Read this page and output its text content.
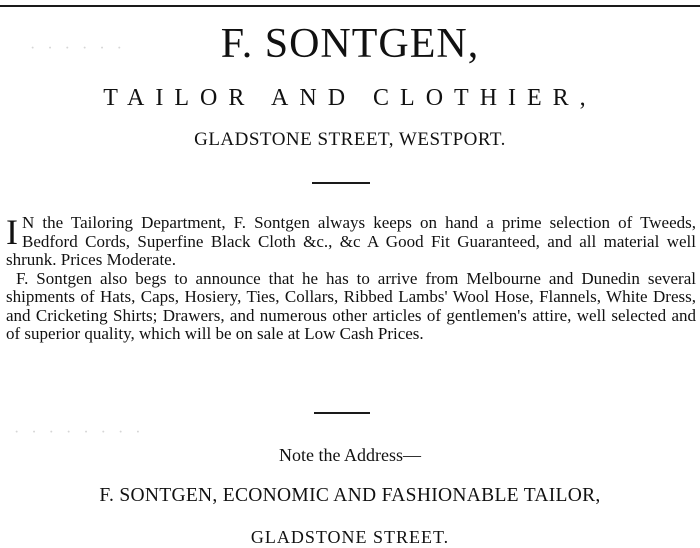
· · · · · ·
· · · · · · · ·
F. SONTGEN,
TAILOR AND CLOTHIER,
GLADSTONE STREET, WESTPORT.

I N the Tailoring Department, F. Sontgen always keeps on hand a prime selection of Tweeds, Bedford Cords, Superfine Black Cloth &c., &c A Good Fit Guaranteed, and all material well shrunk. Prices Moderate.

F. Sontgen also begs to announce that he has to arrive from Melbourne and Dunedin several shipments of Hats, Caps, Hosiery, Ties, Collars, Ribbed Lambs' Wool Hose, Flannels, White Dress, and Cricketing Shirts; Drawers, and numerous other articles of gentlemen's attire, well selected and of superior quality, which will be on sale at Low Cash Prices.

Note the Address—
F. SONTGEN, ECONOMIC AND FASHIONABLE TAILOR,
GLADSTONE STREET.
